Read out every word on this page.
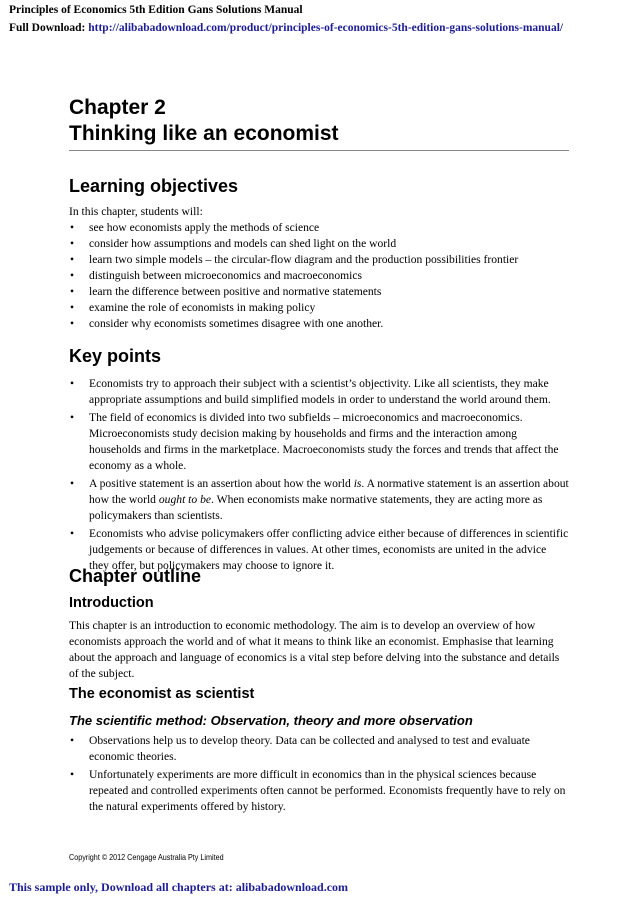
Principles of Economics 5th Edition Gans Solutions Manual
Full Download: http://alibabadownload.com/product/principles-of-economics-5th-edition-gans-solutions-manual/
Chapter 2
Thinking like an economist
Learning objectives
In this chapter, students will:
• see how economists apply the methods of science
• consider how assumptions and models can shed light on the world
• learn two simple models – the circular-flow diagram and the production possibilities frontier
• distinguish between microeconomics and macroeconomics
• learn the difference between positive and normative statements
• examine the role of economists in making policy
• consider why economists sometimes disagree with one another.
Key points
• Economists try to approach their subject with a scientist’s objectivity. Like all scientists, they make appropriate assumptions and build simplified models in order to understand the world around them.
• The field of economics is divided into two subfields – microeconomics and macroeconomics. Microeconomists study decision making by households and firms and the interaction among households and firms in the marketplace. Macroeconomists study the forces and trends that affect the economy as a whole.
• A positive statement is an assertion about how the world is. A normative statement is an assertion about how the world ought to be. When economists make normative statements, they are acting more as policymakers than scientists.
• Economists who advise policymakers offer conflicting advice either because of differences in scientific judgements or because of differences in values. At other times, economists are united in the advice they offer, but policymakers may choose to ignore it.
Chapter outline
Introduction
This chapter is an introduction to economic methodology. The aim is to develop an overview of how economists approach the world and of what it means to think like an economist. Emphasise that learning about the approach and language of economics is a vital step before delving into the substance and details of the subject.
The economist as scientist
The scientific method: Observation, theory and more observation
• Observations help us to develop theory. Data can be collected and analysed to test and evaluate economic theories.
• Unfortunately experiments are more difficult in economics than in the physical sciences because repeated and controlled experiments often cannot be performed. Economists frequently have to rely on the natural experiments offered by history.
Copyright © 2012 Cengage Australia Pty Limited
This sample only, Download all chapters at: alibabadownload.com
